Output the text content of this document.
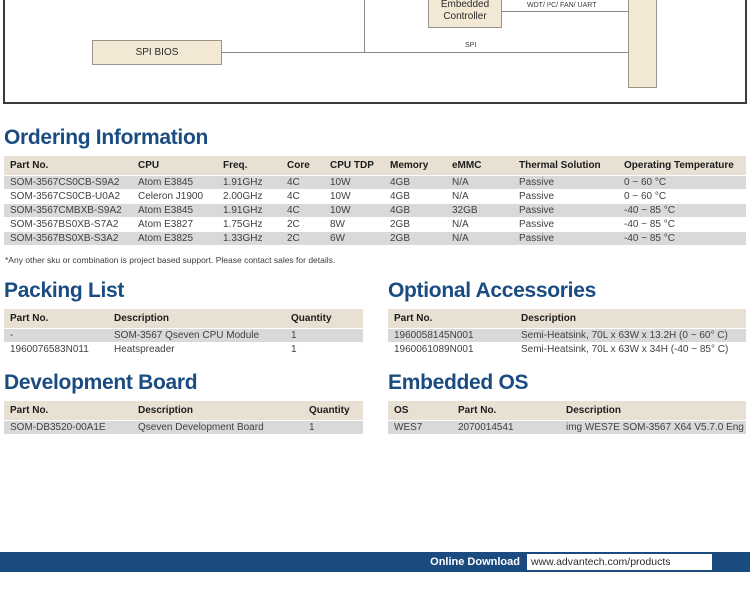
SPI BIOS
Embedded
Controller
WDT/ I²C/ FAN/ UART
SPI
Ordering Information
Part No.	CPU	Freq.	Core	CPU TDP	Memory	eMMC	Thermal Solution	Operating Temperature
SOM-3567CS0CB-S9A2	Atom E3845	1.91GHz	4C	10W	4GB	N/A	Passive	0 ~ 60 °C
SOM-3567CS0CB-U0A2	Celeron J1900	2.00GHz	4C	10W	4GB	N/A	Passive	0 ~ 60 °C
SOM-3567CMBXB-S9A2	Atom E3845	1.91GHz	4C	10W	4GB	32GB	Passive	-40 ~ 85 °C
SOM-3567BS0XB-S7A2	Atom E3827	1.75GHz	2C	8W	2GB	N/A	Passive	-40 ~ 85 °C
SOM-3567BS0XB-S3A2	Atom E3825	1.33GHz	2C	6W	2GB	N/A	Passive	-40 ~ 85 °C
*Any other sku or combination is project based support. Please contact sales for details.
Packing List
Part No.	Description	Quantity
-	SOM-3567 Qseven CPU Module	1
1960076583N011	Heatspreader	1
Optional Accessories
Part No.	Description
1960058145N001	Semi-Heatsink, 70L x 63W x 13.2H (0 ~ 60° C)
1960061089N001	Semi-Heatsink, 70L x 63W x 34H (-40 ~ 85° C)
Development Board
Part No.	Description	Quantity
SOM-DB3520-00A1E	Qseven Development Board	1
Embedded OS
OS	Part No.	Description
WES7	2070014541	img WES7E SOM-3567 X64 V5.7.0 Eng
Online Download	www.advantech.com/products
